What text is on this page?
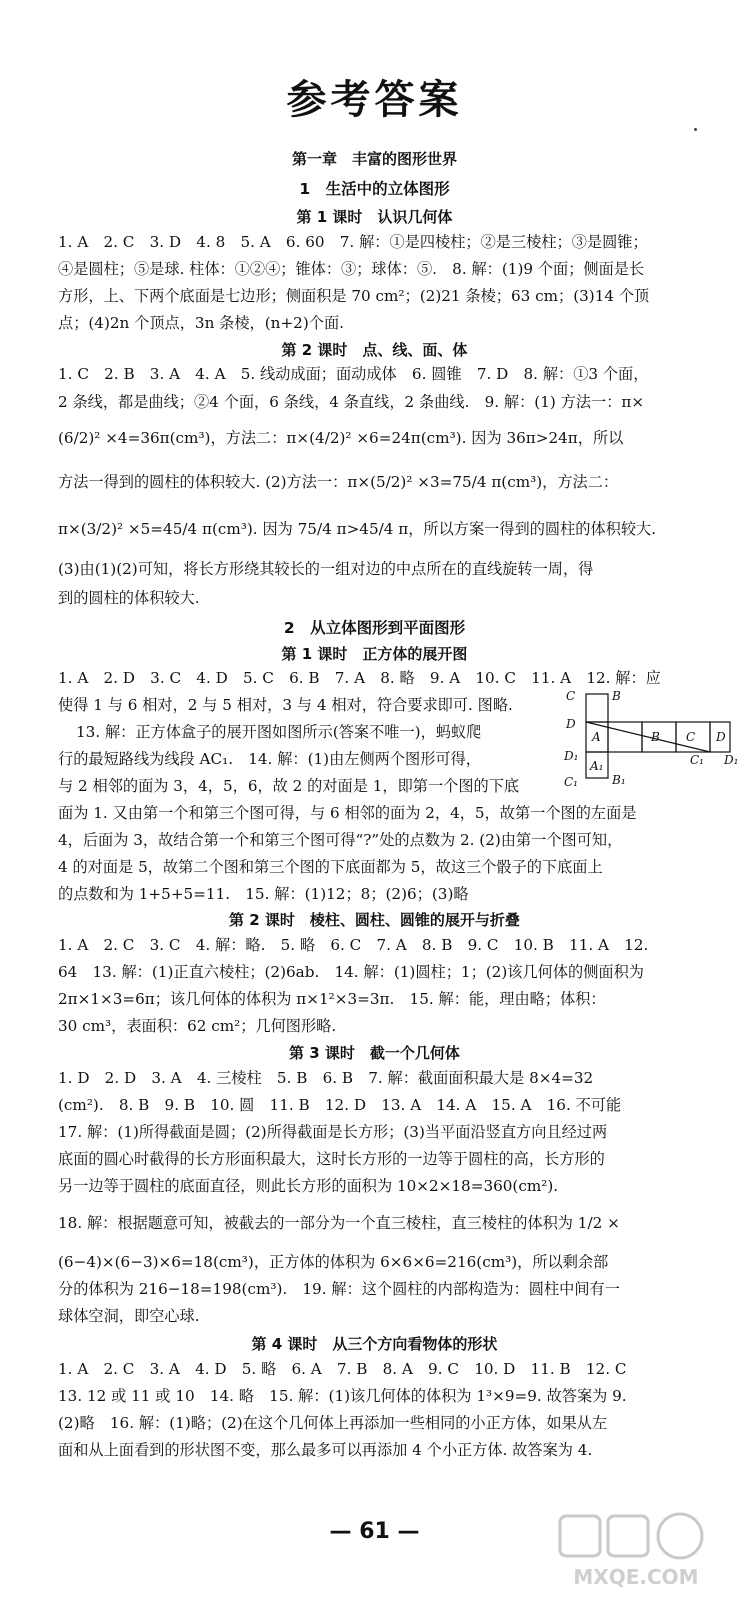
参考答案
第一章　丰富的图形世界
1　生活中的立体图形
第 1 课时　认识几何体
1. A　2. C　3. D　4. 8　5. A　6. 60　7. 解：①是四棱柱；②是三棱柱；③是圆锥；
④是圆柱；⑤是球. 柱体：①②④；锥体：③；球体：⑤.　8. 解：(1)9 个面；侧面是长
方形，上、下两个底面是七边形；侧面积是 70 cm²；(2)21 条棱；63 cm；(3)14 个顶
点；(4)2n 个顶点，3n 条棱，(n+2)个面.
第 2 课时　点、线、面、体
1. C　2. B　3. A　4. A　5. 线动成面；面动成体　6. 圆锥　7. D　8. 解：①3 个面，
2 条线，都是曲线；②4 个面，6 条线，4 条直线，2 条曲线.　9. 解：(1) 方法一：π×
(6/2)² ×4=36π(cm³)，方法二：π×(4/2)² ×6=24π(cm³). 因为 36π>24π，所以
方法一得到的圆柱的体积较大. (2)方法一：π×(5/2)² ×3=75/4 π(cm³)，方法二：
π×(3/2)² ×5=45/4 π(cm³). 因为 75/4 π>45/4 π，所以方案一得到的圆柱的体积较大.
(3)由(1)(2)可知，将长方形绕其较长的一组对边的中点所在的直线旋转一周，得
到的圆柱的体积较大.
2　从立体图形到平面图形
第 1 课时　正方体的展开图
1. A　2. D　3. C　4. D　5. C　6. B　7. A　8. 略　9. A　10. C　11. A　12. 解：应
使得 1 与 6 相对，2 与 5 相对，3 与 4 相对，符合要求即可. 图略.
13. 解：正方体盒子的展开图如图所示(答案不唯一)，蚂蚁爬
行的最短路线为线段 AC₁.　14. 解：(1)由左侧两个图形可得，
与 2 相邻的面为 3，4，5，6，故 2 的对面是 1，即第一个图的下底
面为 1. 又由第一个和第三个图可得，与 6 相邻的面为 2，4，5，故第一个图的左面是
4，后面为 3，故结合第一个和第三个图可得“?”处的点数为 2. (2)由第一个图可知，
4 的对面是 5，故第二个图和第三个图的下底面都为 5，故这三个骰子的下底面上
的点数和为 1+5+5=11.　15. 解：(1)12；8；(2)6；(3)略
C	B
D
A	B C D
D₁
A₁
C₁	B₁
C₁ D₁
第 2 课时　棱柱、圆柱、圆锥的展开与折叠
1. A　2. C　3. C　4. 解：略.　5. 略　6. C　7. A　8. B　9. C　10. B　11. A　12.
64　13. 解：(1)正直六棱柱；(2)6ab.　14. 解：(1)圆柱；1；(2)该几何体的侧面积为
2π×1×3=6π；该几何体的体积为 π×1²×3=3π.　15. 解：能，理由略；体积：
30 cm³，表面积：62 cm²；几何图形略.
第 3 课时　截一个几何体
1. D　2. D　3. A　4. 三棱柱　5. B　6. B　7. 解：截面面积最大是 8×4=32
(cm²).　8. B　9. B　10. 圆　11. B　12. D　13. A　14. A　15. A　16. 不可能
17. 解：(1)所得截面是圆；(2)所得截面是长方形；(3)当平面沿竖直方向且经过两
底面的圆心时截得的长方形面积最大，这时长方形的一边等于圆柱的高，长方形的
另一边等于圆柱的底面直径，则此长方形的面积为 10×2×18=360(cm²).
18. 解：根据题意可知，被截去的一部分为一个直三棱柱，直三棱柱的体积为 1/2 ×
(6−4)×(6−3)×6=18(cm³)，正方体的体积为 6×6×6=216(cm³)，所以剩余部
分的体积为 216−18=198(cm³).　19. 解：这个圆柱的内部构造为：圆柱中间有一
球体空洞，即空心球.
第 4 课时　从三个方向看物体的形状
1. A　2. C　3. A　4. D　5. 略　6. A　7. B　8. A　9. C　10. D　11. B　12. C
13. 12 或 11 或 10　14. 略　15. 解：(1)该几何体的体积为 1³×9=9. 故答案为 9.
(2)略　16. 解：(1)略；(2)在这个几何体上再添加一些相同的小正方体，如果从左
面和从上面看到的形状图不变，那么最多可以再添加 4 个小正方体. 故答案为 4.
— 61 —
MXQE.COM
